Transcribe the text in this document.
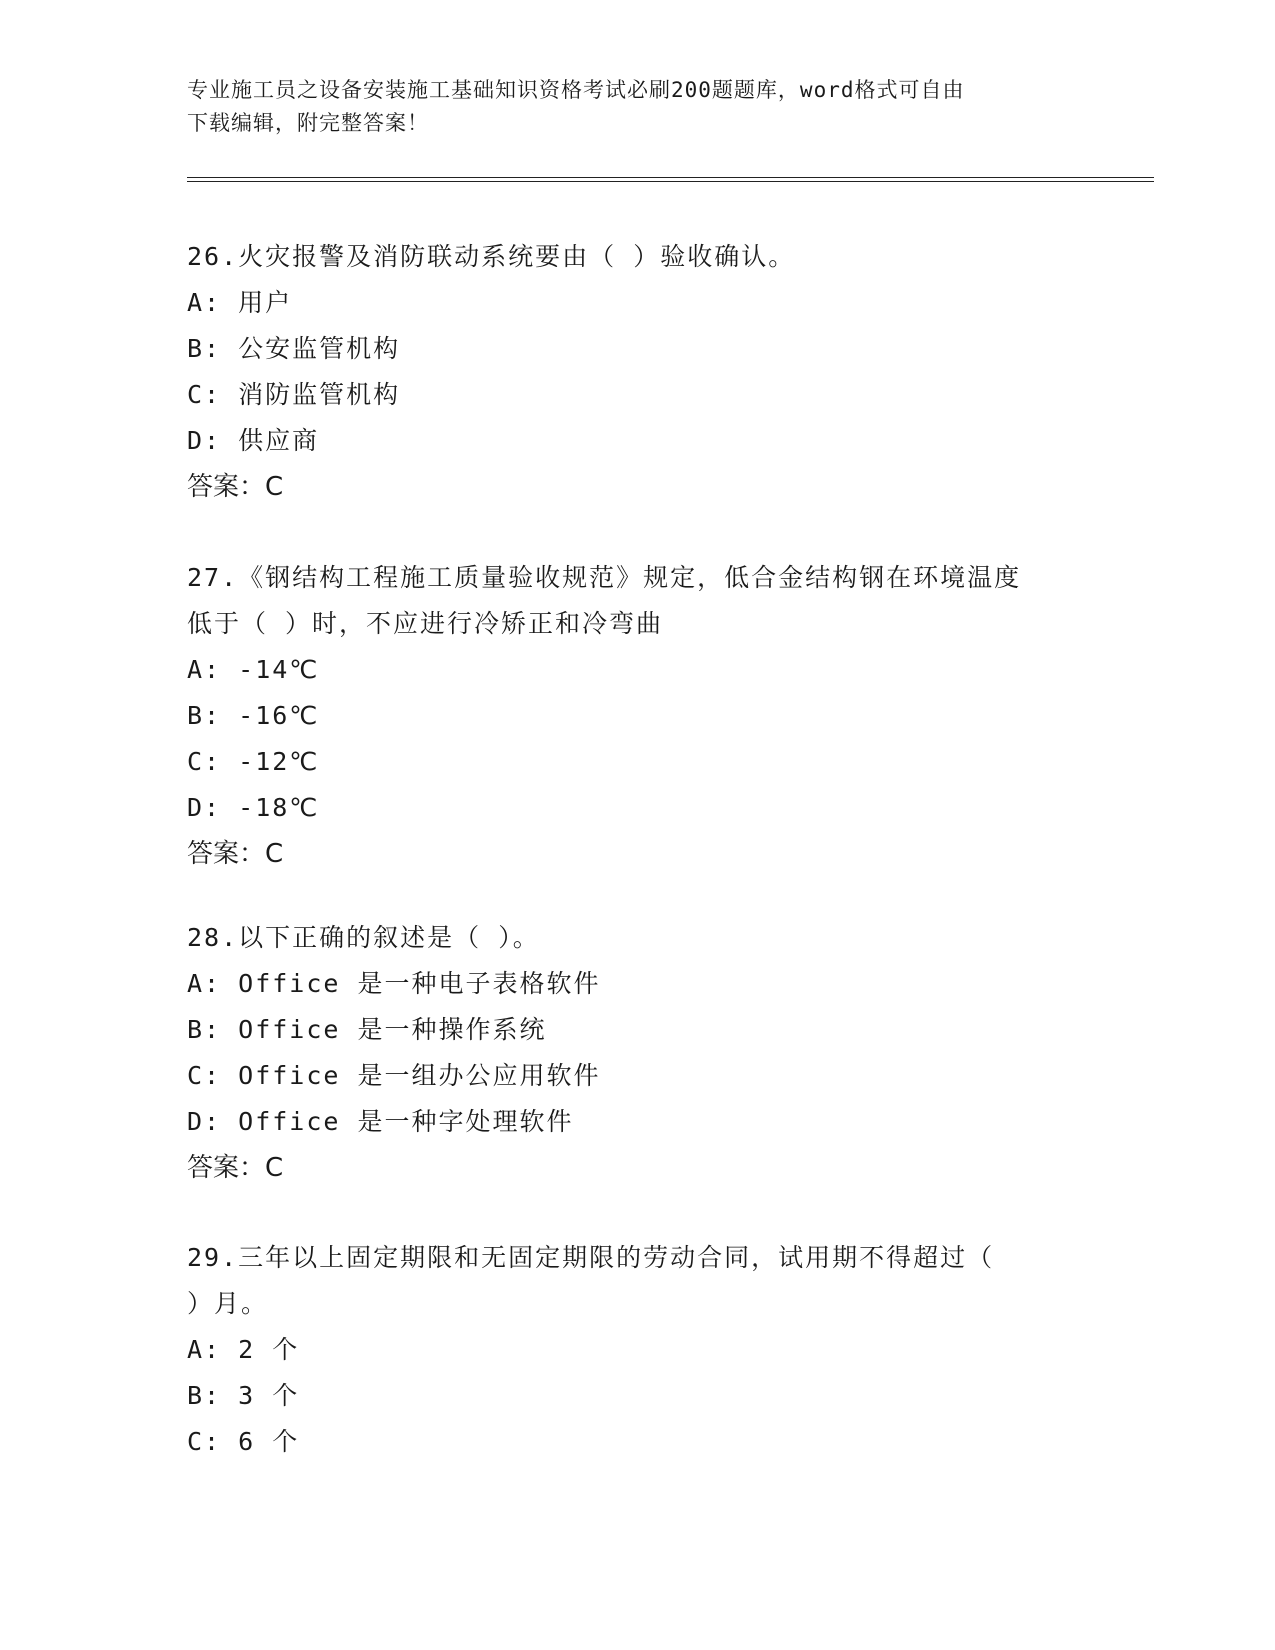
专业施工员之设备安装施工基础知识资格考试必刷200题题库，word格式可自由
下载编辑，附完整答案！

26.火灾报警及消防联动系统要由（ ）验收确认。

A: 用户

B: 公安监管机构

C: 消防监管机构

D: 供应商

答案：C

27.《钢结构工程施工质量验收规范》规定，低合金结构钢在环境温度

低于（ ）时，不应进行冷矫正和冷弯曲

A: -14℃

B: -16℃

C: -12℃

D: -18℃

答案：C

28.以下正确的叙述是（ ）。

A: Office 是一种电子表格软件

B: Office 是一种操作系统

C: Office 是一组办公应用软件

D: Office 是一种字处理软件

答案：C

29.三年以上固定期限和无固定期限的劳动合同，试用期不得超过（

）月。

A: 2 个

B: 3 个

C: 6 个
